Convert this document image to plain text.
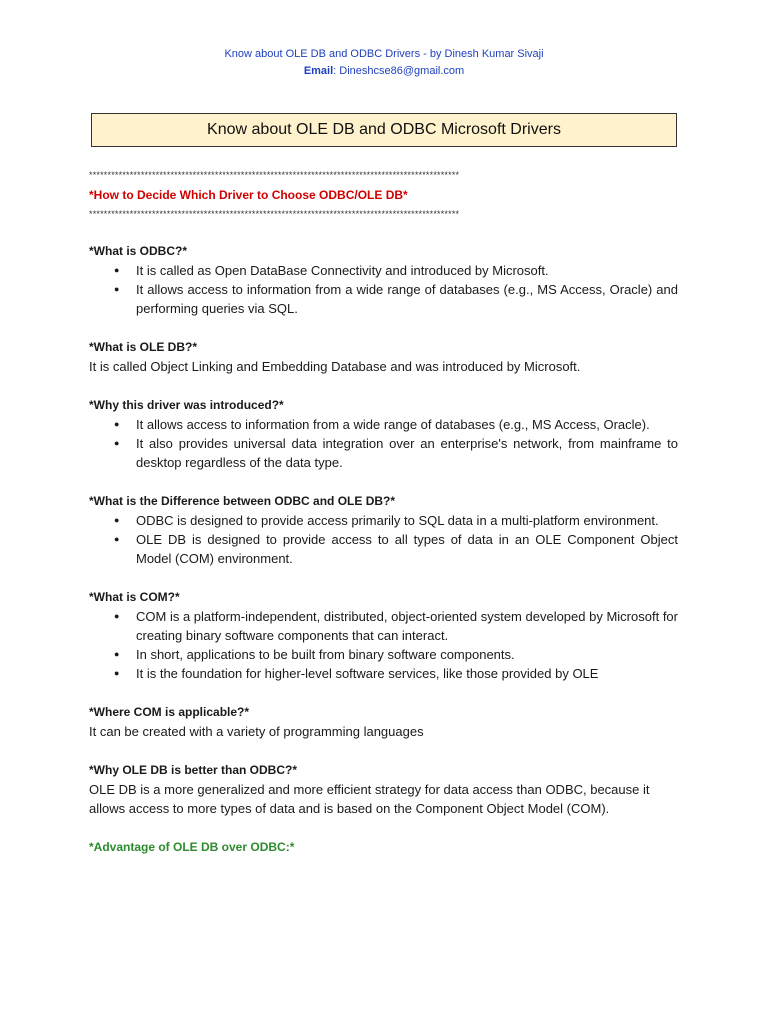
Know about OLE DB and ODBC Drivers - by Dinesh Kumar Sivaji
Email: Dineshcse86@gmail.com
Know about OLE DB and ODBC Microsoft Drivers
****************************************************************************************************
*How to Decide Which Driver to Choose ODBC/OLE DB*
****************************************************************************************************
*What is ODBC?*
● It is called as Open DataBase Connectivity and introduced by Microsoft.
● It allows access to information from a wide range of databases (e.g., MS Access, Oracle) and performing queries via SQL.
*What is OLE DB?*

It is called Object Linking and Embedding Database and was introduced by Microsoft.

*Why this driver was introduced?*
● It allows access to information from a wide range of databases (e.g., MS Access, Oracle).
● It also provides universal data integration over an enterprise's network, from mainframe to desktop regardless of the data type.
*What is the Difference between ODBC and OLE DB?*
● ODBC is designed to provide access primarily to SQL data in a multi-platform environment.
● OLE DB is designed to provide access to all types of data in an OLE Component Object Model (COM) environment.
*What is COM?*
● COM is a platform-independent, distributed, object-oriented system developed by Microsoft for creating binary software components that can interact.
● In short, applications to be built from binary software components.
● It is the foundation for higher-level software services, like those provided by OLE
*Where COM is applicable?*

It can be created with a variety of programming languages

*Why OLE DB is better than ODBC?*

OLE DB is a more generalized and more efficient strategy for data access than ODBC, because it allows access to more types of data and is based on the Component Object Model (COM).

*Advantage of OLE DB over ODBC:*
